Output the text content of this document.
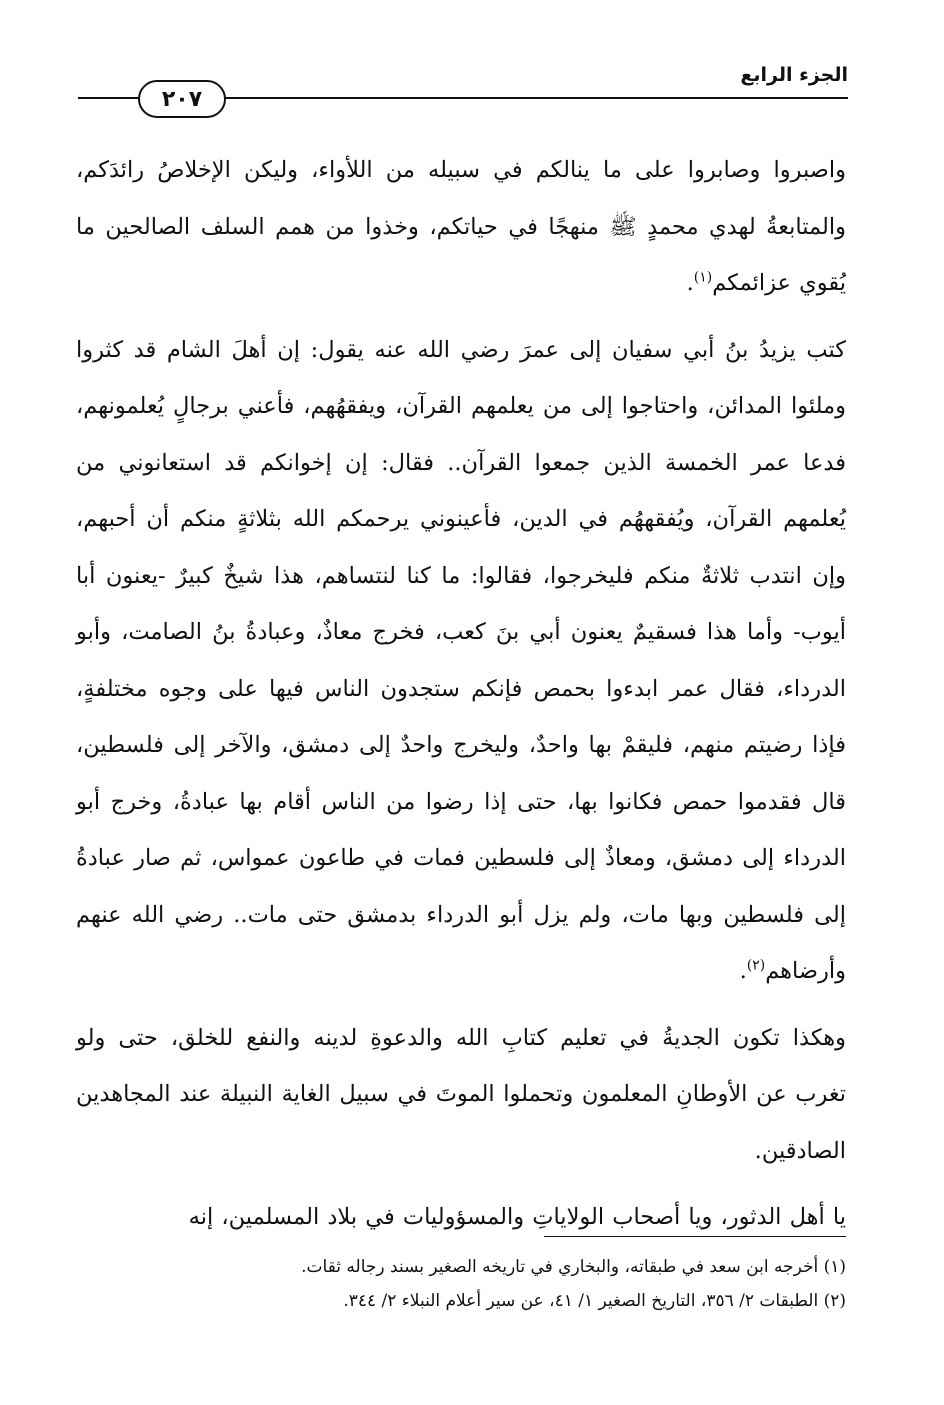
٢٠٧
الجزء الرابع

واصبروا وصابروا على ما ينالكم في سبيله من اللأواء، وليكن الإخلاصُ رائدَكم، والمتابعةُ لهدي محمدٍ ﷺ منهجًا في حياتكم، وخذوا من همم السلف الصالحين ما يُقوي عزائمكم$^{(١)}$.

كتب يزيدُ بنُ أبي سفيان إلى عمرَ رضي الله عنه يقول: إن أهلَ الشام قد كثروا وملئوا المدائن، واحتاجوا إلى من يعلمهم القرآن، ويفقهُهم، فأعني برجالٍ يُعلمونهم، فدعا عمر الخمسة الذين جمعوا القرآن.. فقال: إن إخوانكم قد استعانوني من يُعلمهم القرآن، ويُفقههُم في الدين، فأعينوني يرحمكم الله بثلاثةٍ منكم أن أحبهم، وإن انتدب ثلاثةٌ منكم فليخرجوا، فقالوا: ما كنا لنتساهم، هذا شيخٌ كبيرٌ -يعنون أبا أيوب- وأما هذا فسقيمٌ يعنون أبي بنَ كعب، فخرج معاذٌ، وعبادةُ بنُ الصامت، وأبو الدرداء، فقال عمر ابدءوا بحمص فإنكم ستجدون الناس فيها على وجوه مختلفةٍ، فإذا رضيتم منهم، فليقمْ بها واحدٌ، وليخرج واحدٌ إلى دمشق، والآخر إلى فلسطين، قال فقدموا حمص فكانوا بها، حتى إذا رضوا من الناس أقام بها عبادةُ، وخرج أبو الدرداء إلى دمشق، ومعاذٌ إلى فلسطين فمات في طاعون عمواس، ثم صار عبادةُ إلى فلسطين وبها مات، ولم يزل أبو الدرداء بدمشق حتى مات.. رضي الله عنهم وأرضاهم$^{(٢)}$.

وهكذا تكون الجديةُ في تعليم كتابِ الله والدعوةِ لدينه والنفع للخلق، حتى ولو تغرب عن الأوطانِ المعلمون وتحملوا الموتَ في سبيل الغاية النبيلة عند المجاهدين الصادقين.

يا أهل الدثور، ويا أصحاب الولاياتِ والمسؤوليات في بلاد المسلمين، إنه

(١) أخرجه ابن سعد في طبقاته، والبخاري في تاريخه الصغير بسند رجاله ثقات.

(٢) الطبقات ٢/ ٣٥٦، التاريخ الصغير ١/ ٤١، عن سير أعلام النبلاء ٢/ ٣٤٤.
